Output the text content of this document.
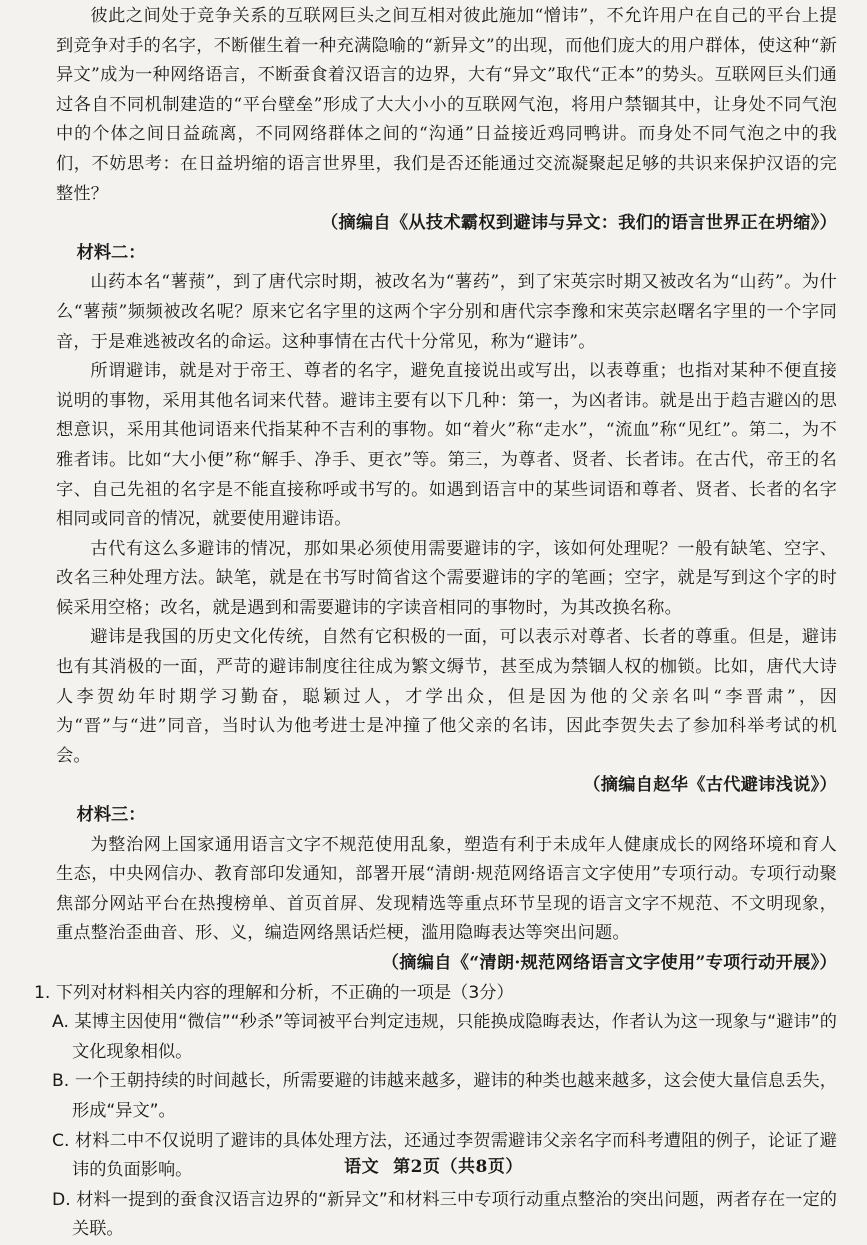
彼此之间处于竞争关系的互联网巨头之间互相对彼此施加“憎讳”，不允许用户在自己的平台上提到竞争对手的名字，不断催生着一种充满隐喻的“新异文”的出现，而他们庞大的用户群体，使这种“新异文”成为一种网络语言，不断蚕食着汉语言的边界，大有“异文”取代“正本”的势头。互联网巨头们通过各自不同机制建造的“平台壁垒”形成了大大小小的互联网气泡，将用户禁锢其中，让身处不同气泡中的个体之间日益疏离，不同网络群体之间的“沟通”日益接近鸡同鸭讲。而身处不同气泡之中的我们，不妨思考：在日益坍缩的语言世界里，我们是否还能通过交流凝聚起足够的共识来保护汉语的完整性？

（摘编自《从技术霸权到避讳与异文：我们的语言世界正在坍缩》）
材料二：

山药本名“薯蓣”，到了唐代宗时期，被改名为“薯药”，到了宋英宗时期又被改名为“山药”。为什么“薯蓣”频频被改名呢？原来它名字里的这两个字分别和唐代宗李豫和宋英宗赵曙名字里的一个字同音，于是难逃被改名的命运。这种事情在古代十分常见，称为“避讳”。

所谓避讳，就是对于帝王、尊者的名字，避免直接说出或写出，以表尊重；也指对某种不便直接说明的事物，采用其他名词来代替。避讳主要有以下几种：第一，为凶者讳。就是出于趋吉避凶的思想意识，采用其他词语来代指某种不吉利的事物。如“着火”称“走水”，“流血”称“见红”。第二，为不雅者讳。比如“大小便”称“解手、净手、更衣”等。第三，为尊者、贤者、长者讳。在古代，帝王的名字、自己先祖的名字是不能直接称呼或书写的。如遇到语言中的某些词语和尊者、贤者、长者的名字相同或同音的情况，就要使用避讳语。

古代有这么多避讳的情况，那如果必须使用需要避讳的字，该如何处理呢？一般有缺笔、空字、改名三种处理方法。缺笔，就是在书写时简省这个需要避讳的字的笔画；空字，就是写到这个字的时候采用空格；改名，就是遇到和需要避讳的字读音相同的事物时，为其改换名称。

避讳是我国的历史文化传统，自然有它积极的一面，可以表示对尊者、长者的尊重。但是，避讳也有其消极的一面，严苛的避讳制度往往成为繁文缛节，甚至成为禁锢人权的枷锁。比如，唐代大诗人李贺幼年时期学习勤奋，聪颖过人，才学出众，但是因为他的父亲名叫“李晋肃”，因为“晋”与“进”同音，当时认为他考进士是冲撞了他父亲的名讳，因此李贺失去了参加科举考试的机会。

（摘编自赵华《古代避讳浅说》）
材料三：

为整治网上国家通用语言文字不规范使用乱象，塑造有利于未成年人健康成长的网络环境和育人生态，中央网信办、教育部印发通知，部署开展“清朗·规范网络语言文字使用”专项行动。专项行动聚焦部分网站平台在热搜榜单、首页首屏、发现精选等重点环节呈现的语言文字不规范、不文明现象，重点整治歪曲音、形、义，编造网络黑话烂梗，滥用隐晦表达等突出问题。

（摘编自《“清朗·规范网络语言文字使用”专项行动开展》）
1. 下列对材料相关内容的理解和分析，不正确的一项是（3分）
A. 某博主因使用“微信”“秒杀”等词被平台判定违规，只能换成隐晦表达，作者认为这一现象与“避讳”的文化现象相似。
B. 一个王朝持续的时间越长，所需要避的讳越来越多，避讳的种类也越来越多，这会使大量信息丢失，形成“异文”。
C. 材料二中不仅说明了避讳的具体处理方法，还通过李贺需避讳父亲名字而科考遭阻的例子，论证了避讳的负面影响。
D. 材料一提到的蚕食汉语言边界的“新异文”和材料三中专项行动重点整治的突出问题，两者存在一定的关联。
语文 第2页（共8页）
